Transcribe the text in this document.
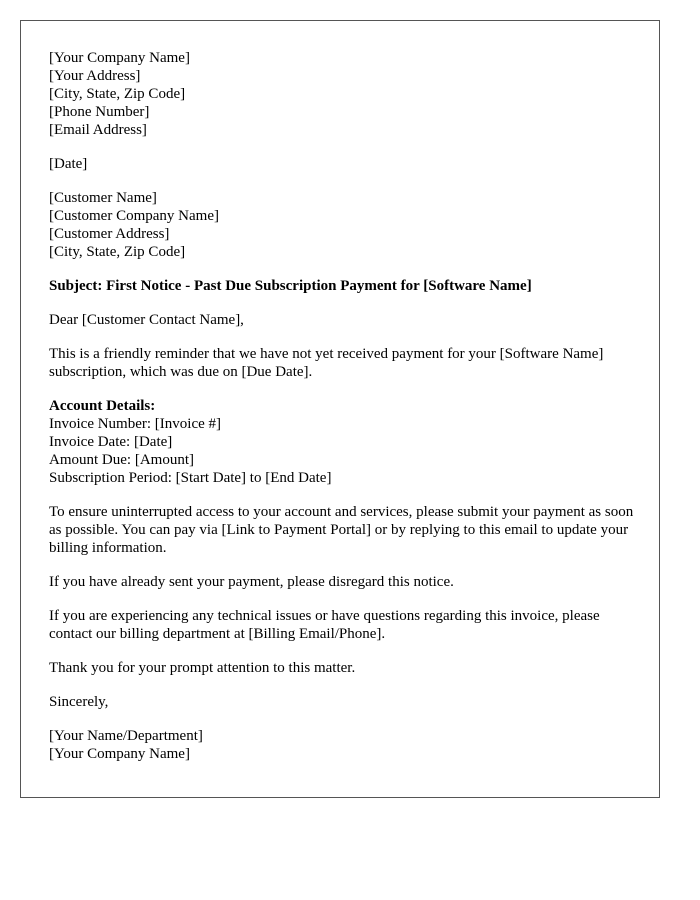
[Your Company Name]
[Your Address]
[City, State, Zip Code]
[Phone Number]
[Email Address]
[Date]
[Customer Name]
[Customer Company Name]
[Customer Address]
[City, State, Zip Code]
Subject: First Notice - Past Due Subscription Payment for [Software Name]
Dear [Customer Contact Name],

This is a friendly reminder that we have not yet received payment for your [Software Name] subscription, which was due on [Due Date].

Account Details:
Invoice Number: [Invoice #]
Invoice Date: [Date]
Amount Due: [Amount]
Subscription Period: [Start Date] to [End Date]

To ensure uninterrupted access to your account and services, please submit your payment as soon as possible. You can pay via [Link to Payment Portal] or by replying to this email to update your billing information.

If you have already sent your payment, please disregard this notice.

If you are experiencing any technical issues or have questions regarding this invoice, please contact our billing department at [Billing Email/Phone].

Thank you for your prompt attention to this matter.

Sincerely,
[Your Name/Department]
[Your Company Name]
